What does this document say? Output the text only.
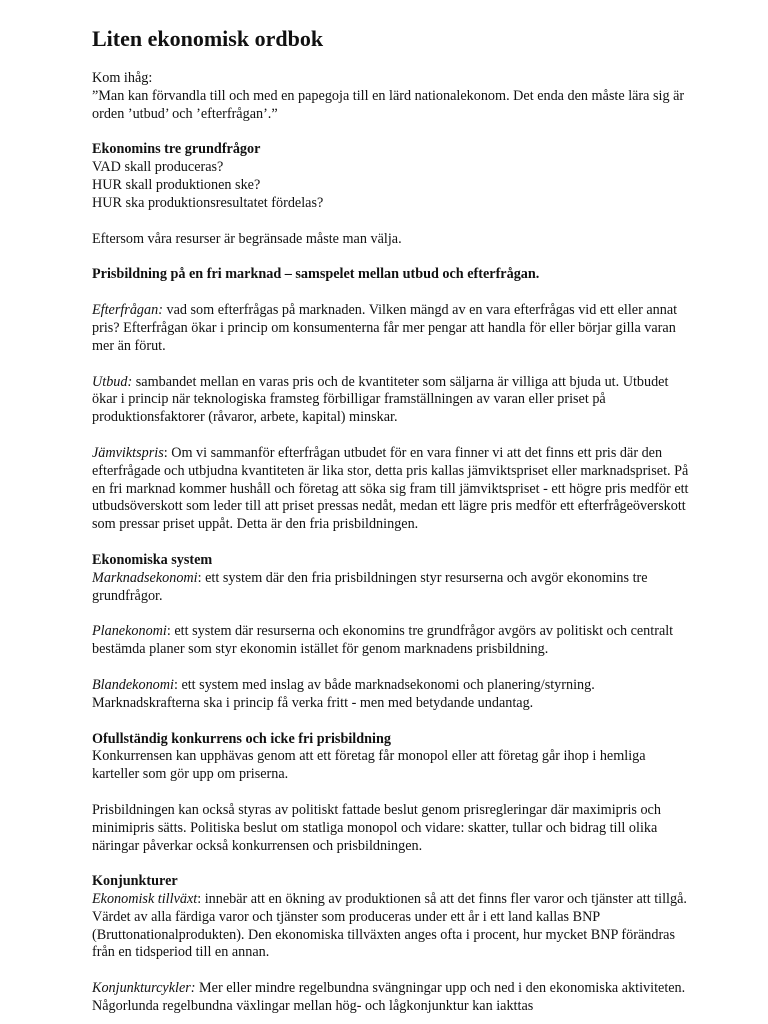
Liten ekonomisk ordbok

Kom ihåg:
”Man kan förvandla till och med en papegoja till en lärd nationalekonom. Det enda den måste lära sig är orden ’utbud’ och ’efterfrågan’.”

Ekonomins tre grundfrågor
VAD skall produceras?
HUR skall produktionen ske?
HUR ska produktionsresultatet fördelas?

Eftersom våra resurser är begränsade måste man välja.

Prisbildning på en fri marknad – samspelet mellan utbud och efterfrågan.

Efterfrågan: vad som efterfrågas på marknaden. Vilken mängd av en vara efterfrågas vid ett eller annat pris? Efterfrågan ökar i princip om konsumenterna får mer pengar att handla för eller börjar gilla varan mer än förut.

Utbud: sambandet mellan en varas pris och de kvantiteter som säljarna är villiga att bjuda ut. Utbudet ökar i princip när teknologiska framsteg förbilligar framställningen av varan eller priset på produktionsfaktorer (råvaror, arbete, kapital) minskar.

Jämviktspris: Om vi sammanför efterfrågan utbudet för en vara finner vi att det finns ett pris där den efterfrågade och utbjudna kvantiteten är lika stor, detta pris kallas jämviktspriset eller marknadspriset. På en fri marknad kommer hushåll och företag att söka sig fram till jämviktspriset - ett högre pris medför ett utbudsöverskott som leder till att priset pressas nedåt, medan ett lägre pris medför ett efterfrågeöverskott som pressar priset uppåt. Detta är den fria prisbildningen.

Ekonomiska system
Marknadsekonomi: ett system där den fria prisbildningen styr resurserna och avgör ekonomins tre grundfrågor.

Planekonomi: ett system där resurserna och ekonomins tre grundfrågor avgörs av politiskt och centralt bestämda planer som styr ekonomin istället för genom marknadens prisbildning.

Blandekonomi: ett system med inslag av både marknadsekonomi och planering/styrning. Marknadskrafterna ska i princip få verka fritt - men med betydande undantag.

Ofullständig konkurrens och icke fri prisbildning
Konkurrensen kan upphävas genom att ett företag får monopol eller att företag går ihop i hemliga karteller som gör upp om priserna.

Prisbildningen kan också styras av politiskt fattade beslut genom prisregleringar där maximipris och minimipris sätts. Politiska beslut om statliga monopol och vidare: skatter, tullar och bidrag till olika näringar påverkar också konkurrensen och prisbildningen.

Konjunkturer
Ekonomisk tillväxt: innebär att en ökning av produktionen så att det finns fler varor och tjänster att tillgå. Värdet av alla färdiga varor och tjänster som produceras under ett år i ett land kallas BNP (Bruttonationalprodukten). Den ekonomiska tillväxten anges ofta i procent, hur mycket BNP förändras från en tidsperiod till en annan.

Konjunkturcykler: Mer eller mindre regelbundna svängningar upp och ned i den ekonomiska aktiviteten. Någorlunda regelbundna växlingar mellan hög- och lågkonjunktur kan iakttas
